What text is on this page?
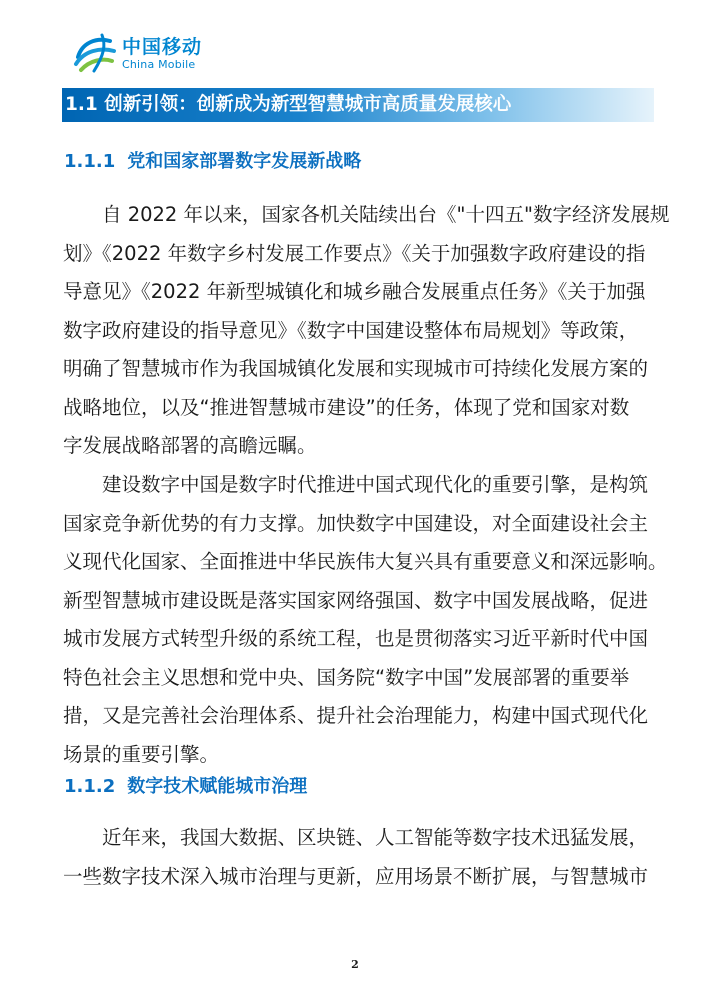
中国移动
China Mobile
1.1 创新引领：创新成为新型智慧城市高质量发展核心
1.1.1 党和国家部署数字发展新战略
自 2022 年以来，国家各机关陆续出台《"十四五"数字经济发展规
划》《2022 年数字乡村发展工作要点》《关于加强数字政府建设的指
导意见》《2022 年新型城镇化和城乡融合发展重点任务》《关于加强
数字政府建设的指导意见》《数字中国建设整体布局规划》等政策，
明确了智慧城市作为我国城镇化发展和实现城市可持续化发展方案的
战略地位，以及“推进智慧城市建设”的任务，体现了党和国家对数
字发展战略部署的高瞻远瞩。
建设数字中国是数字时代推进中国式现代化的重要引擎，是构筑
国家竞争新优势的有力支撑。加快数字中国建设，对全面建设社会主
义现代化国家、全面推进中华民族伟大复兴具有重要意义和深远影响。
新型智慧城市建设既是落实国家网络强国、数字中国发展战略，促进
城市发展方式转型升级的系统工程，也是贯彻落实习近平新时代中国
特色社会主义思想和党中央、国务院“数字中国”发展部署的重要举
措，又是完善社会治理体系、提升社会治理能力，构建中国式现代化
场景的重要引擎。
1.1.2 数字技术赋能城市治理
近年来，我国大数据、区块链、人工智能等数字技术迅猛发展，
一些数字技术深入城市治理与更新，应用场景不断扩展，与智慧城市
2
